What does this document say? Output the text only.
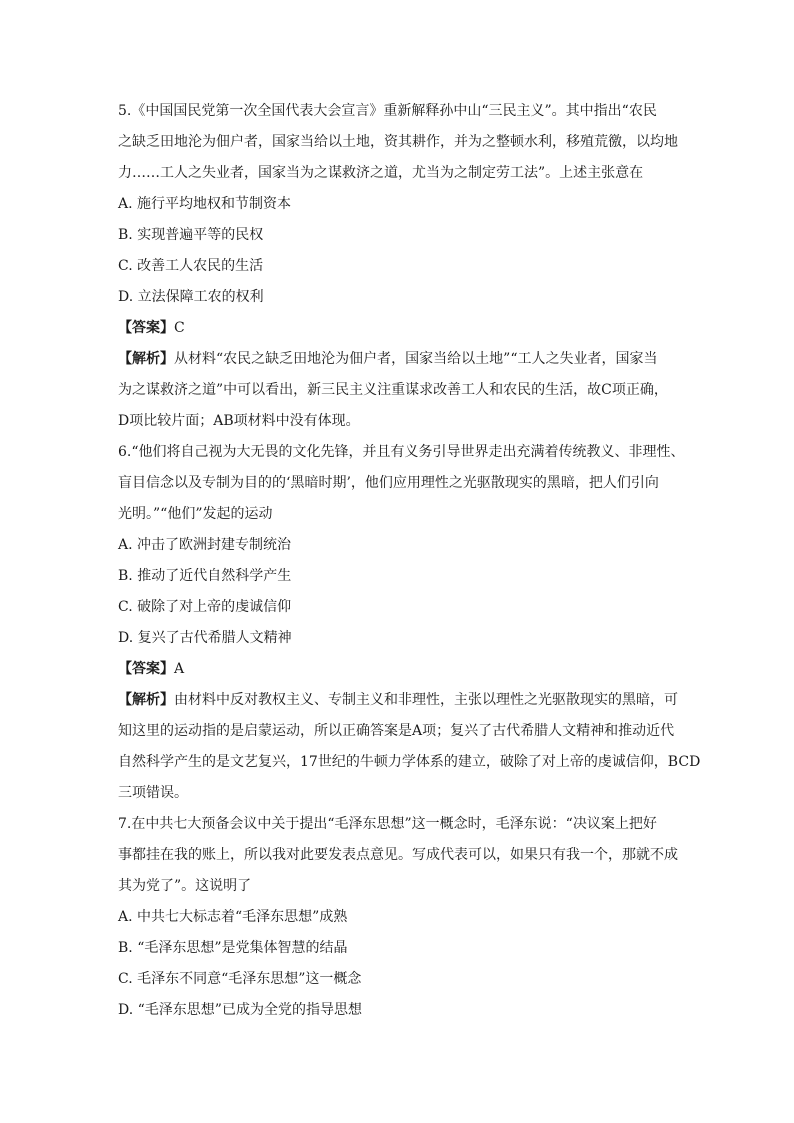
5.《中国国民党第一次全国代表大会宣言》重新解释孙中山“三民主义”。其中指出“农民
之缺乏田地沦为佃户者，国家当给以土地，资其耕作，并为之整顿水利，移殖荒徼，以均地
力……工人之失业者，国家当为之谋救济之道，尤当为之制定劳工法”。上述主张意在
A. 施行平均地权和节制资本
B. 实现普遍平等的民权
C. 改善工人农民的生活
D. 立法保障工农的权利
【答案】C
【解析】从材料“农民之缺乏田地沦为佃户者，国家当给以土地”“工人之失业者，国家当
为之谋救济之道”中可以看出，新三民主义注重谋求改善工人和农民的生活，故C项正确，
D项比较片面；AB项材料中没有体现。
6.“他们将自己视为大无畏的文化先锋，并且有义务引导世界走出充满着传统教义、非理性、
盲目信念以及专制为目的的‘黑暗时期’，他们应用理性之光驱散现实的黑暗，把人们引向
光明。”“他们”发起的运动
A. 冲击了欧洲封建专制统治
B. 推动了近代自然科学产生
C. 破除了对上帝的虔诚信仰
D. 复兴了古代希腊人文精神
【答案】A
【解析】由材料中反对教权主义、专制主义和非理性，主张以理性之光驱散现实的黑暗，可
知这里的运动指的是启蒙运动，所以正确答案是A项；复兴了古代希腊人文精神和推动近代
自然科学产生的是文艺复兴，17世纪的牛顿力学体系的建立，破除了对上帝的虔诚信仰，BCD
三项错误。
7.在中共七大预备会议中关于提出“毛泽东思想”这一概念时，毛泽东说：“决议案上把好
事都挂在我的账上，所以我对此要发表点意见。写成代表可以，如果只有我一个，那就不成
其为党了”。这说明了
A. 中共七大标志着“毛泽东思想”成熟
B. “毛泽东思想”是党集体智慧的结晶
C. 毛泽东不同意“毛泽东思想”这一概念
D. “毛泽东思想”已成为全党的指导思想
